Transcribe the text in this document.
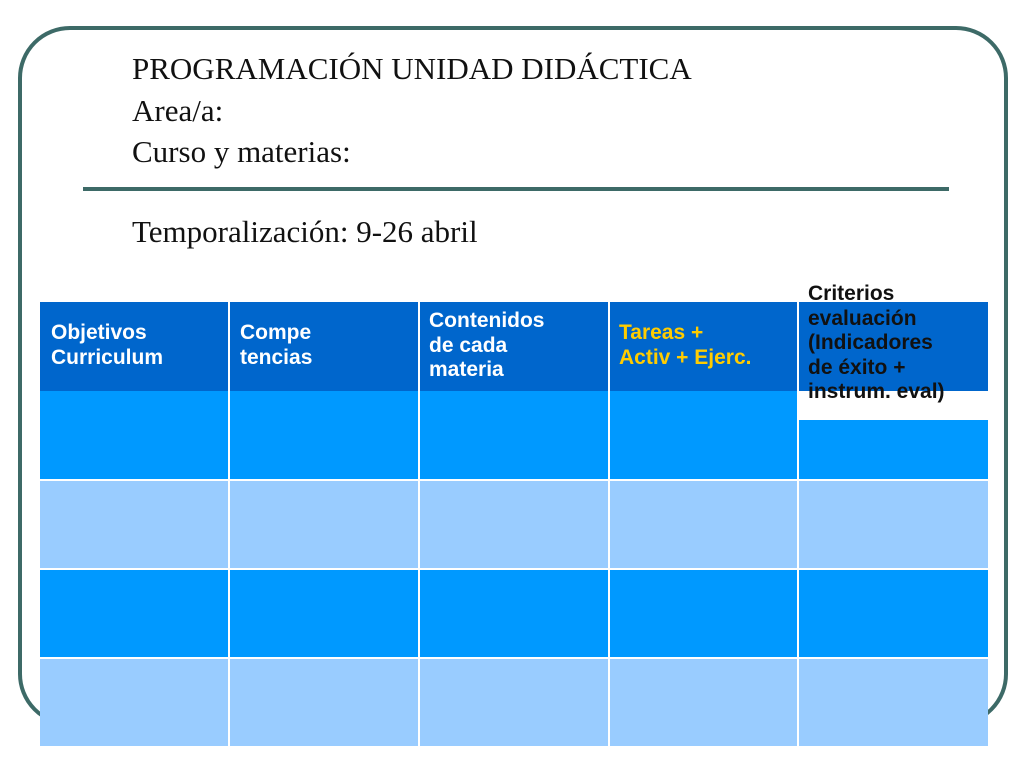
PROGRAMACIÓN UNIDAD DIDÁCTICA
Area/a:
Curso y materias:
Temporalización: 9-26 abril
Objetivos
Curriculum
Compe
tencias
Contenidos
de cada
materia
Tareas +
Activ + Ejerc.
Criterios
evaluación
(Indicadores
de éxito +
instrum. eval)
